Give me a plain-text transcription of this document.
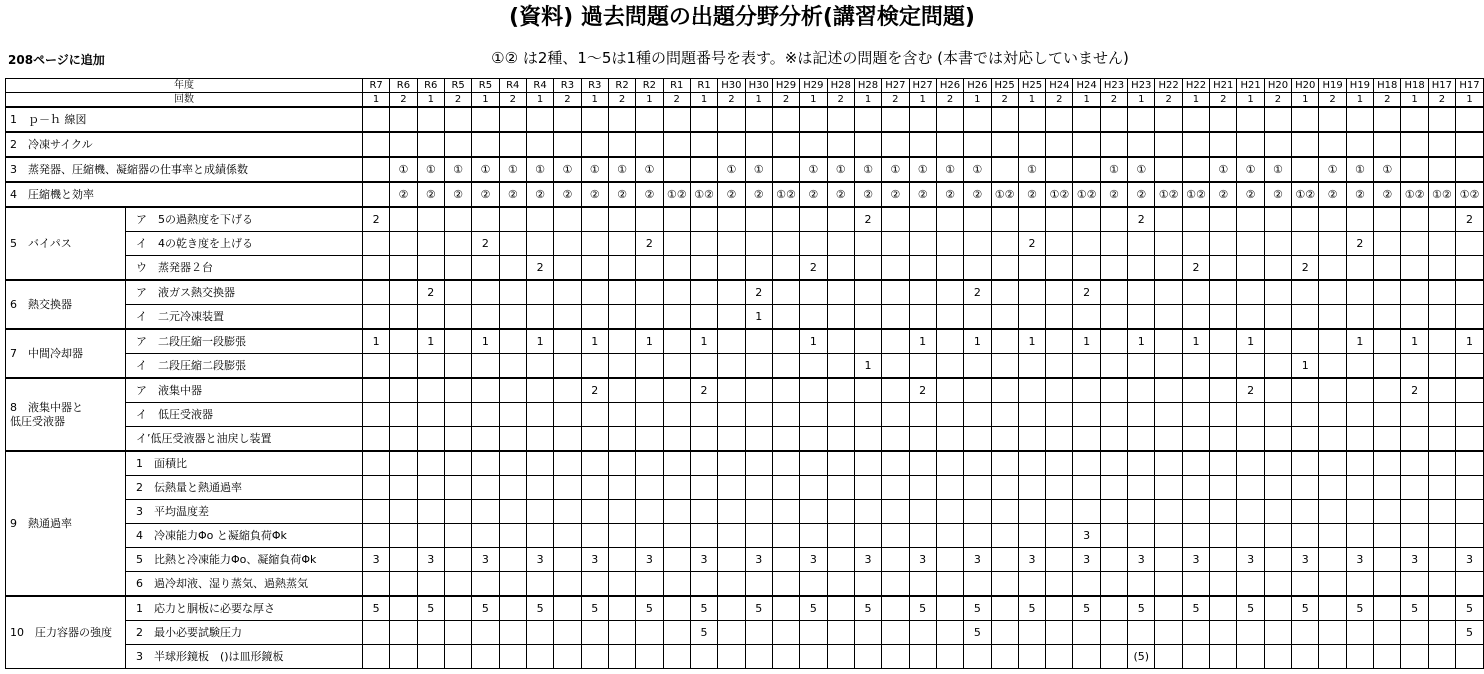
(資料) 過去問題の出題分野分析(講習検定問題)
208ページに追加	①② は2種、1～5は1種の問題番号を表す。※は記述の問題を含む (本書では対応していません)
年度		R7	R6	R6	R5	R5	R4	R4	R3	R3	R2	R2	R1	R1	H30	H30	H29	H29	H28	H28	H27	H27	H26	H26	H25	H25	H24	H24	H23	H23	H22	H22	H21	H21	H20	H20	H19	H19	H18	H18	H17	H17
回数		1	2	1	2	1	2	1	2	1	2	1	2	1	2	1	2	1	2	1	2	1	2	1	2	1	2	1	2	1	2	1	2	1	2	1	2	1	2	1	2	1
1　ｐ－ｈ 線図																																										
2　冷凍サイクル																																										
3　蒸発器、圧縮機、凝縮器の仕事率と成績係数			①	①	①	①	①	①	①	①	①	①			①	①		①	①	①	①	①	①	①		①			①	①			①	①	①		①	①	①			
4　圧縮機と効率			②	②	②	②	②	②	②	②	②	②	①②	①②	②	②	①②	②	②	②	②	②	②	②	①②	②	①②	①②	②	②	①②	①②	②	②	②	①②	②	②	②	①②	①②	①②

5　バイパス	ア　5の過熱度を下げる	2																		2										2												2
	イ　4の乾き度を上げる					2						2														2												2				
	ウ　蒸発器２台							2										2														2				2						

6　熱交換器	ア　液ガス熱交換器			2												2								2				2														
	イ　二元冷凍装置															1																										

7　中間冷却器	ア　二段圧縮一段膨張	1		1		1		1		1		1		1				1				1		1		1		1		1		1		1				1		1		1
	イ　二段圧縮二段膨張																			1																1						

8　液集中器と
低圧受液器	ア　液集中器									2				2								2												2						2		
	イ　低圧受液器																																									
	イ’低圧受液器と油戻し装置																																									

9　熱通過率	1　面積比																																									
	2　伝熱量と熱通過率																																									
	3　平均温度差																																									
	4　冷凍能力Φo と凝縮負荷Φk																											3														
	5　比熱と冷凍能力Φo、凝縮負荷Φk	3		3		3		3		3		3		3		3		3		3		3		3		3		3		3		3		3		3		3		3		3
	6　過冷却液、湿り蒸気、過熱蒸気																																									

10　圧力容器の強度	1　応力と胴板に必要な厚さ	5		5		5		5		5		5		5		5		5		5		5		5		5		5		5		5		5		5		5		5		5
	2　最小必要試験圧力													5										5																		5
	3　半球形鏡板　()は皿形鏡板																													(5)												
